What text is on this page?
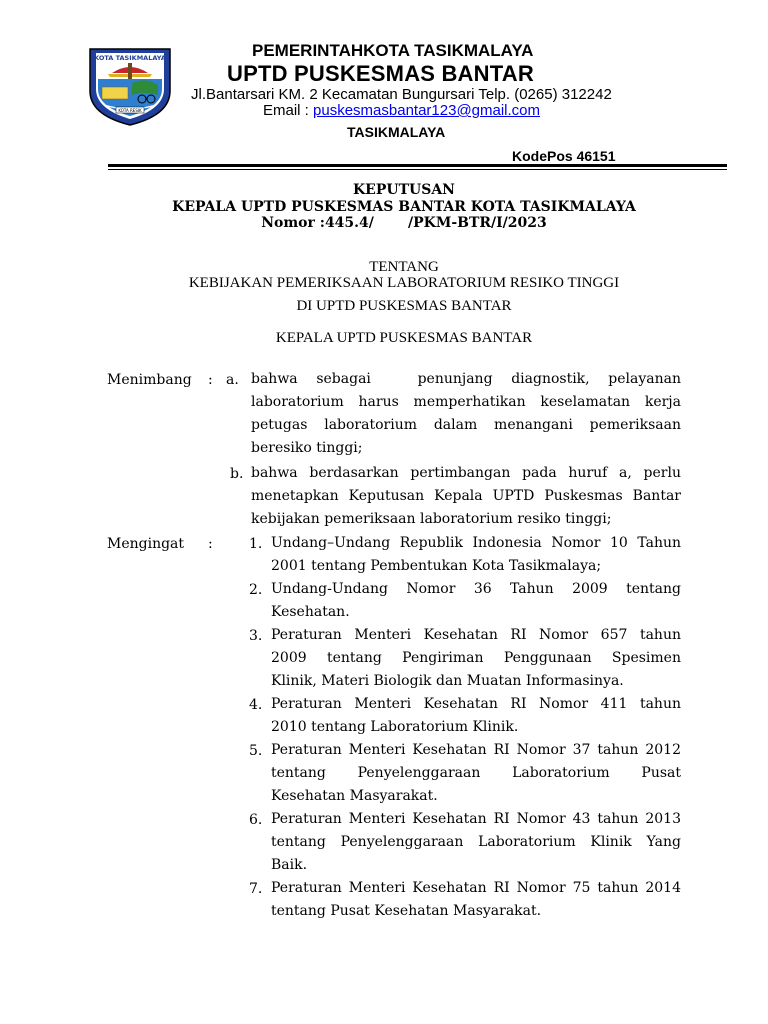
KOTA TASIKMALAYA
KOTA RESIK
PEMERINTAHKOTA TASIKMALAYA
UPTD PUSKESMAS BANTAR
Jl.Bantarsari KM. 2 Kecamatan Bungursari Telp. (0265) 312242
Email : puskesmasbantar123@gmail.com
TASIKMALAYA
KodePos 46151
KEPUTUSAN
KEPALA UPTD PUSKESMAS BANTAR KOTA TASIKMALAYA
Nomor :445.4/       /PKM-BTR/I/2023
TENTANG
KEBIJAKAN PEMERIKSAAN LABORATORIUM RESIKO TINGGI
DI UPTD PUSKESMAS BANTAR
KEPALA UPTD PUSKESMAS BANTAR
Menimbang : a. bahwa  sebagai     penunjang  diagnostik,  pelayanan
laboratorium harus memperhatikan keselamatan kerja
petugas laboratorium dalam menangani pemeriksaan
beresiko tinggi;
b. bahwa berdasarkan pertimbangan pada huruf a, perlu
menetapkan Keputusan Kepala UPTD Puskesmas Bantar
kebijakan pemeriksaan laboratorium resiko tinggi;
Mengingat :	1. Undang–Undang Republik Indonesia Nomor 10 Tahun
2001 tentang Pembentukan Kota Tasikmalaya;
2. Undang-Undang Nomor 36 Tahun 2009 tentang
Kesehatan.
3. Peraturan Menteri Kesehatan RI Nomor 657 tahun
2009 tentang Pengiriman Penggunaan Spesimen
Klinik, Materi Biologik dan Muatan Informasinya.
4. Peraturan Menteri Kesehatan RI Nomor 411 tahun
2010 tentang Laboratorium Klinik.
5. Peraturan Menteri Kesehatan RI Nomor 37 tahun 2012
tentang Penyelenggaraan Laboratorium Pusat
Kesehatan Masyarakat.
6. Peraturan Menteri Kesehatan RI Nomor 43 tahun 2013
tentang Penyelenggaraan Laboratorium Klinik Yang
Baik.
7. Peraturan Menteri Kesehatan RI Nomor 75 tahun 2014
tentang Pusat Kesehatan Masyarakat.
